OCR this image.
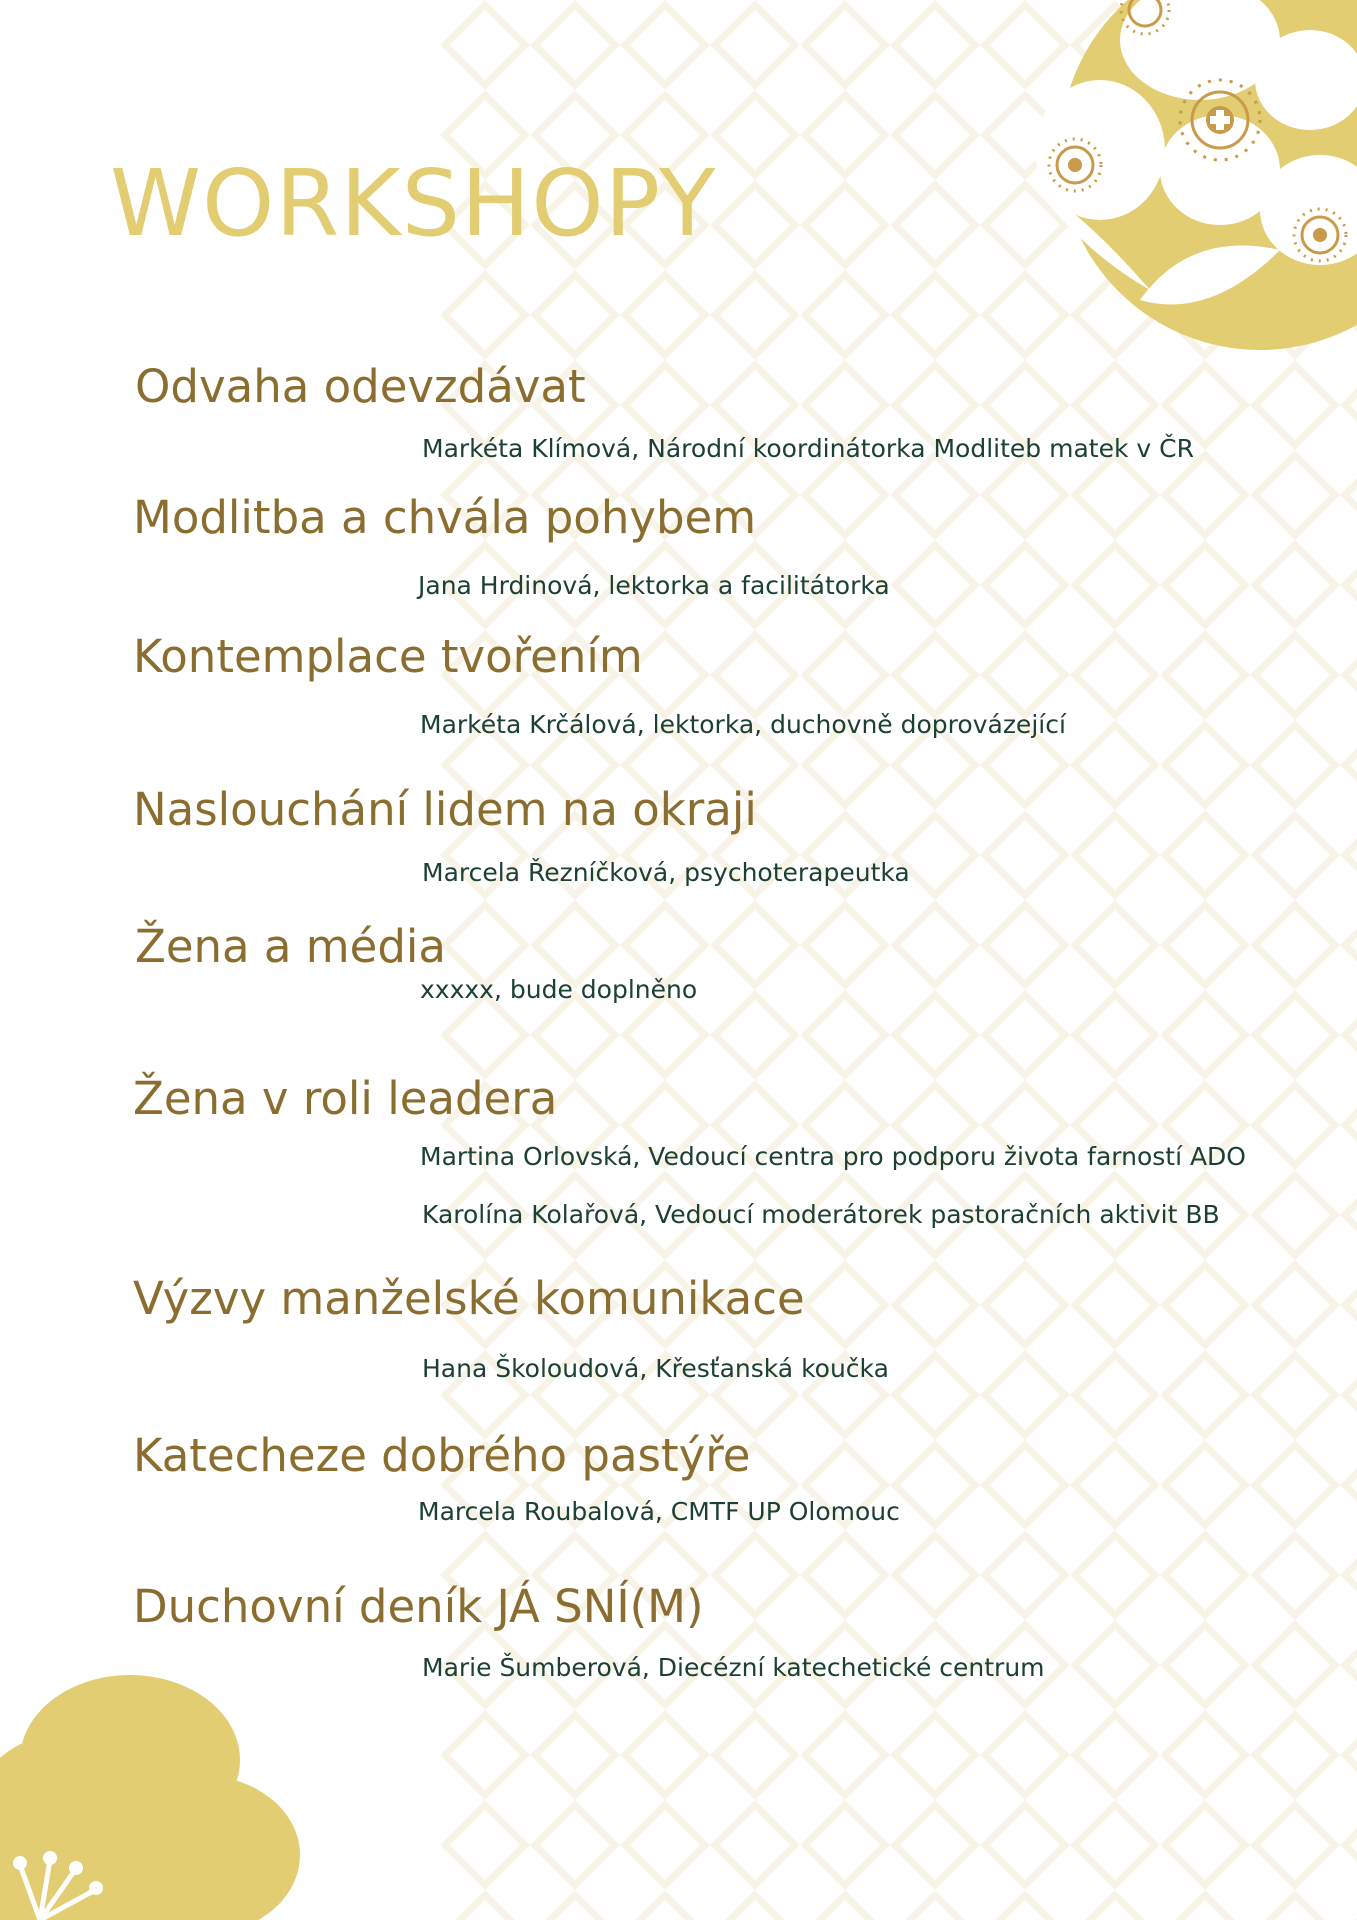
WORKSHOPY

Odvaha odevzdávat

Markéta Klímová, Národní koordinátorka Modliteb matek v ČR

Modlitba a chvála pohybem

Jana Hrdinová, lektorka a facilitátorka

Kontemplace tvořením

Markéta Krčálová, lektorka, duchovně doprovázející

Naslouchání lidem na okraji

Marcela Řezníčková, psychoterapeutka

Žena a média

xxxxx, bude doplněno

Žena v roli leadera

Martina Orlovská, Vedoucí centra pro podporu života farností ADO

Karolína Kolařová, Vedoucí moderátorek pastoračních aktivit BB

Výzvy manželské komunikace

Hana Školoudová, Křesťanská koučka

Katecheze dobrého pastýře

Marcela Roubalová, CMTF UP Olomouc

Duchovní deník JÁ SNÍ(M)

Marie Šumberová, Diecézní katechetické centrum
